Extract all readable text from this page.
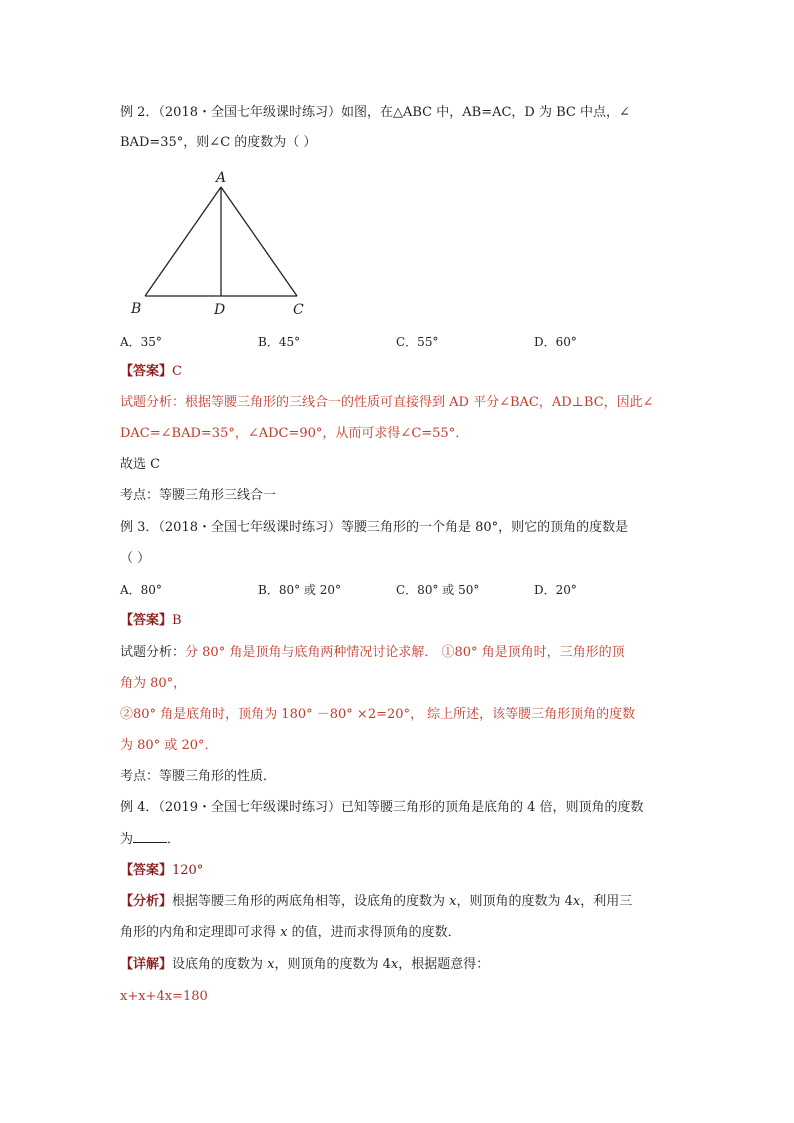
例 2．（2018・全国七年级课时练习）如图，在△ABC 中，AB=AC，D 为 BC 中点，∠
BAD=35°，则∠C 的度数为（ ）
A
B	D	C
A．35°	B．45°	C．55°	D．60°
【答案】C
试题分析：根据等腰三角形的三线合一的性质可直接得到 AD 平分∠BAC，AD⊥BC，因此∠
DAC=∠BAD=35°，∠ADC=90°，从而可求得∠C=55°．
故选 C
考点：等腰三角形三线合一
例 3．（2018・全国七年级课时练习）等腰三角形的一个角是 80°，则它的顶角的度数是
（ ）
A．80°	B．80° 或 20°	C．80° 或 50°	D．20°
【答案】B
试题分析：分 80° 角是顶角与底角两种情况讨论求解． ①80° 角是顶角时，三角形的顶
角为 80°，
②80° 角是底角时，顶角为 180° －80° ×2=20°， 综上所述，该等腰三角形顶角的度数
为 80° 或 20°．
考点：等腰三角形的性质．
例 4．（2019・全国七年级课时练习）已知等腰三角形的顶角是底角的 4 倍，则顶角的度数
为	．
【答案】120°
【分析】根据等腰三角形的两底角相等，设底角的度数为 x，则顶角的度数为 4x，利用三
角形的内角和定理即可求得 x 的值，进而求得顶角的度数．
【详解】设底角的度数为 x，则顶角的度数为 4x，根据题意得：
x+x+4x=180
